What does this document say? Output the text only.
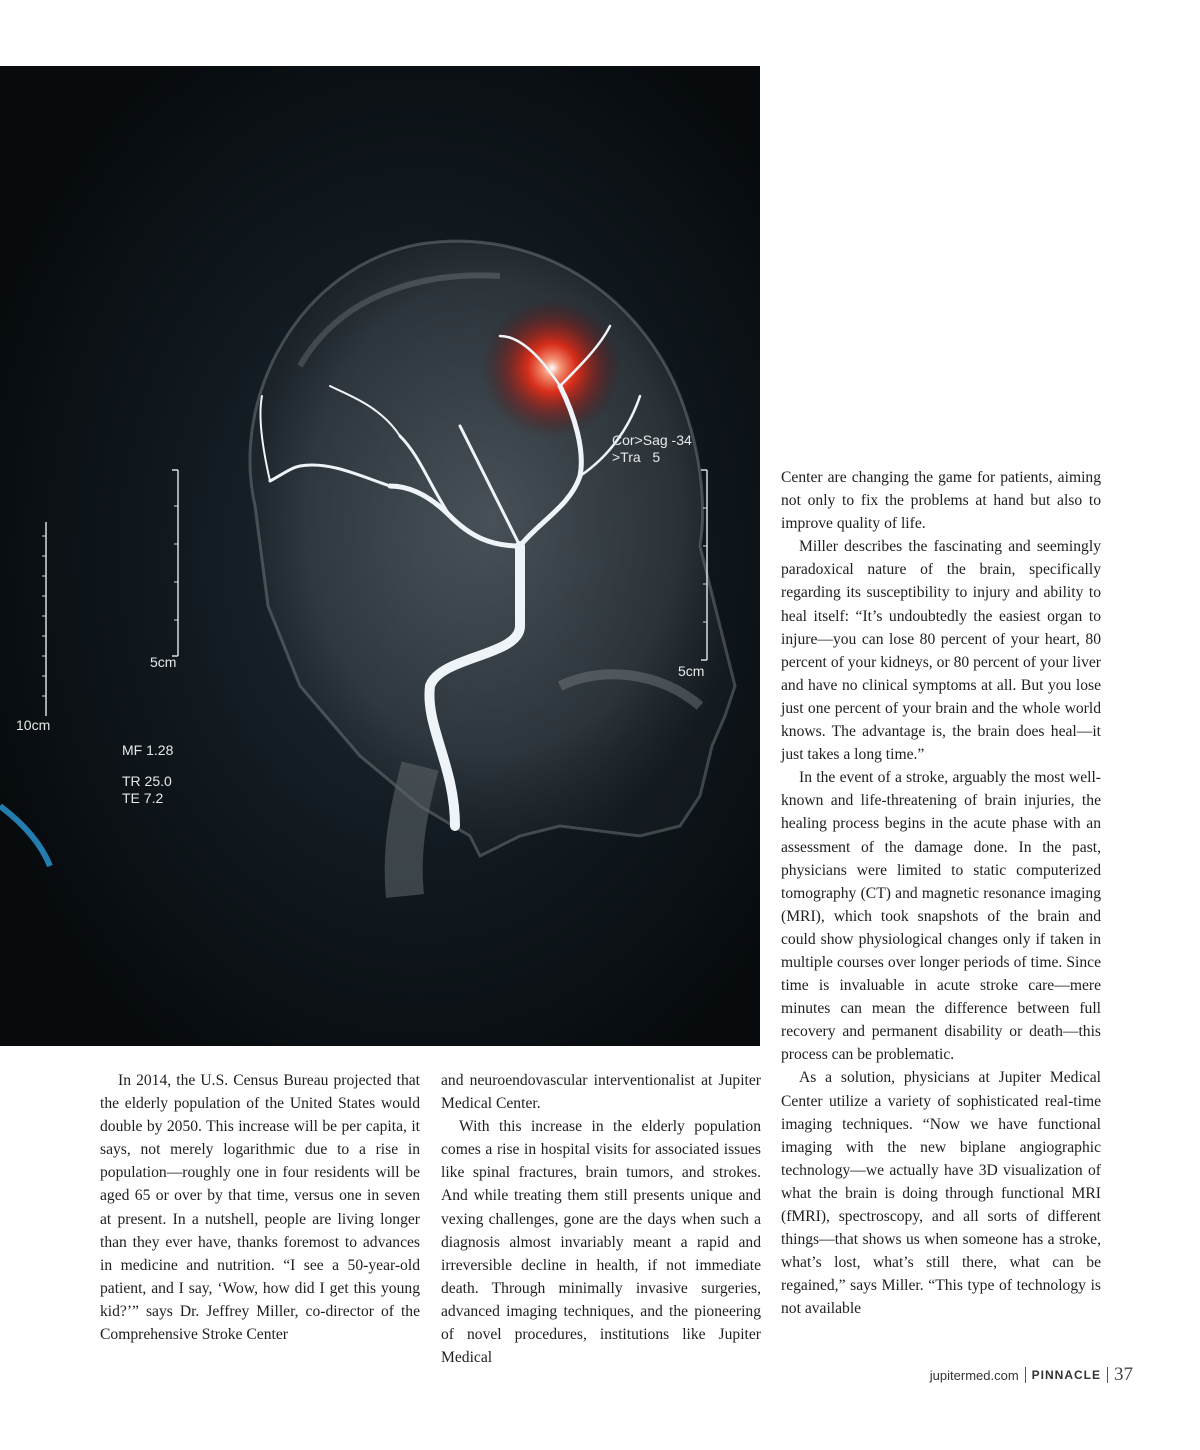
Cor>Sag -34
>Tra   5
5cm
5cm
10cm
MF 1.28
TR 25.0
TE 7.2

In 2014, the U.S. Census Bureau projected that the elderly population of the United States would double by 2050. This increase will be per capita, it says, not merely logarithmic due to a rise in population—roughly one in four residents will be aged 65 or over by that time, versus one in seven at present. In a nutshell, people are living longer than they ever have, thanks foremost to advances in medicine and nutrition. “I see a 50-year-old patient, and I say, ‘Wow, how did I get this young kid?’” says Dr. Jeffrey Miller, co-director of the Comprehensive Stroke Center

and neuroendovascular interventionalist at Jupiter Medical Center.

With this increase in the elderly population comes a rise in hospital visits for associated issues like spinal fractures, brain tumors, and strokes. And while treating them still presents unique and vexing challenges, gone are the days when such a diagnosis almost invariably meant a rapid and irreversible decline in health, if not immediate death. Through minimally invasive surgeries, advanced imaging techniques, and the pioneering of novel procedures, institutions like Jupiter Medical

Center are changing the game for patients, aiming not only to fix the problems at hand but also to improve quality of life.

Miller describes the fascinating and seemingly paradoxical nature of the brain, specifically regarding its susceptibility to injury and ability to heal itself: “It’s undoubtedly the easiest organ to injure—you can lose 80 percent of your heart, 80 percent of your kidneys, or 80 percent of your liver and have no clinical symptoms at all. But you lose just one percent of your brain and the whole world knows. The advantage is, the brain does heal—it just takes a long time.”

In the event of a stroke, arguably the most well-known and life-threatening of brain injuries, the healing process begins in the acute phase with an assessment of the damage done. In the past, physicians were limited to static computerized tomography (CT) and magnetic resonance imaging (MRI), which took snapshots of the brain and could show physiological changes only if taken in multiple courses over longer periods of time. Since time is invaluable in acute stroke care—mere minutes can mean the difference between full recovery and permanent disability or death—this process can be problematic.

As a solution, physicians at Jupiter Medical Center utilize a variety of sophisticated real-time imaging techniques. “Now we have functional imaging with the new biplane angiographic technology—we actually have 3D visualization of what the brain is doing through functional MRI (fMRI), spectroscopy, and all sorts of different things—that shows us when someone has a stroke, what’s lost, what’s still there, what can be regained,” says Miller. “This type of technology is not available

jupitermed.com PINNACLE 37
